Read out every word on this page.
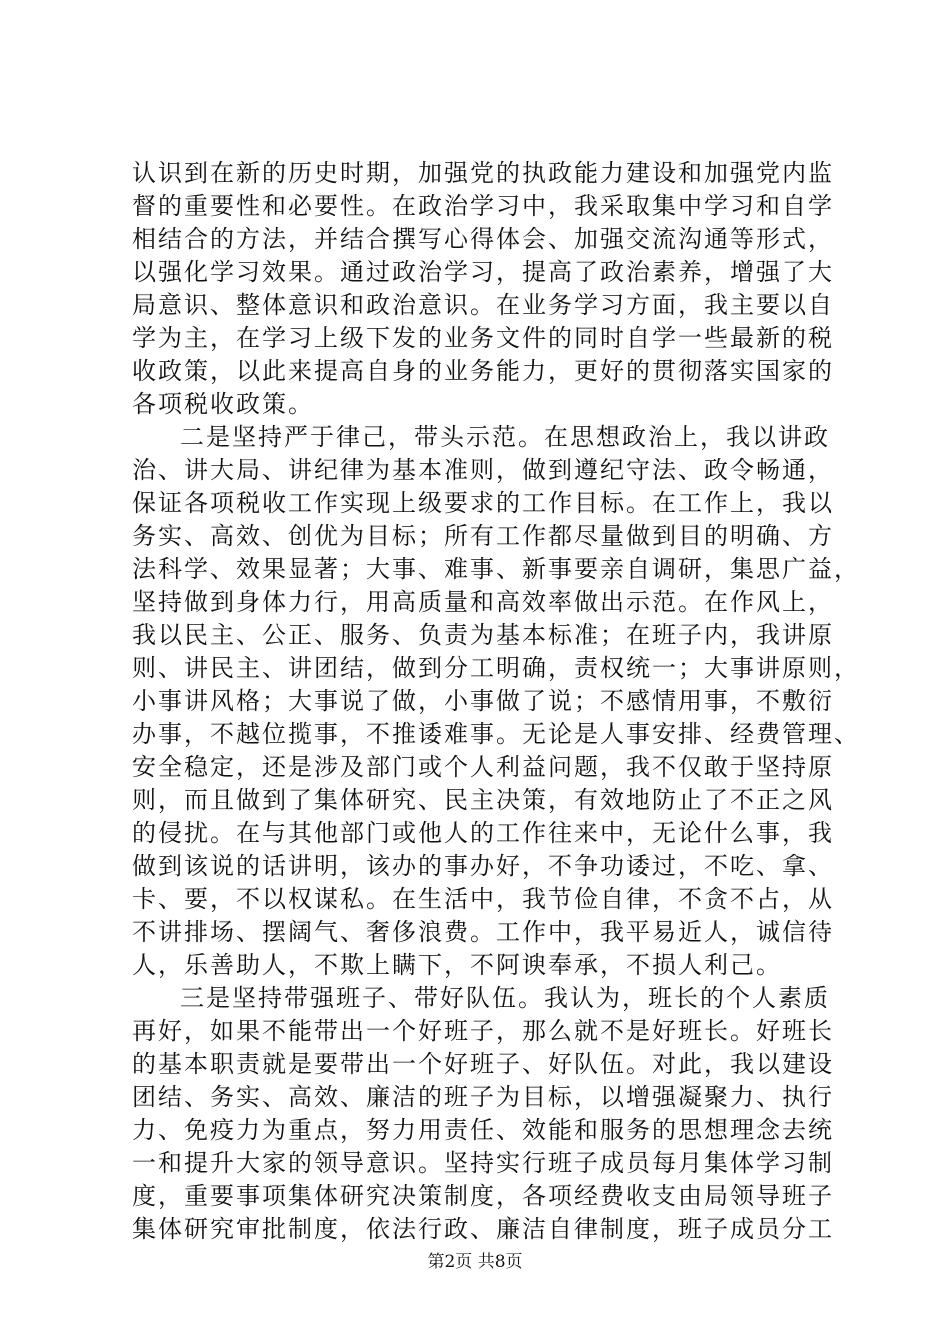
认识到在新的历史时期，加强党的执政能力建设和加强党内监
督的重要性和必要性。在政治学习中，我采取集中学习和自学
相结合的方法，并结合撰写心得体会、加强交流沟通等形式，
以强化学习效果。通过政治学习，提高了政治素养，增强了大
局意识、整体意识和政治意识。在业务学习方面，我主要以自
学为主，在学习上级下发的业务文件的同时自学一些最新的税
收政策，以此来提高自身的业务能力，更好的贯彻落实国家的
各项税收政策。
二是坚持严于律己，带头示范。在思想政治上，我以讲政
治、讲大局、讲纪律为基本准则，做到遵纪守法、政令畅通，
保证各项税收工作实现上级要求的工作目标。在工作上，我以
务实、高效、创优为目标；所有工作都尽量做到目的明确、方
法科学、效果显著；大事、难事、新事要亲自调研，集思广益，
坚持做到身体力行，用高质量和高效率做出示范。在作风上，
我以民主、公正、服务、负责为基本标准；在班子内，我讲原
则、讲民主、讲团结，做到分工明确，责权统一；大事讲原则，
小事讲风格；大事说了做，小事做了说；不感情用事，不敷衍
办事，不越位揽事，不推诿难事。无论是人事安排、经费管理、
安全稳定，还是涉及部门或个人利益问题，我不仅敢于坚持原
则，而且做到了集体研究、民主决策，有效地防止了不正之风
的侵扰。在与其他部门或他人的工作往来中，无论什么事，我
做到该说的话讲明，该办的事办好，不争功诿过，不吃、拿、
卡、要，不以权谋私。在生活中，我节俭自律，不贪不占，从
不讲排场、摆阔气、奢侈浪费。工作中，我平易近人，诚信待
人，乐善助人，不欺上瞒下，不阿谀奉承，不损人利己。
三是坚持带强班子、带好队伍。我认为，班长的个人素质
再好，如果不能带出一个好班子，那么就不是好班长。好班长
的基本职责就是要带出一个好班子、好队伍。对此，我以建设
团结、务实、高效、廉洁的班子为目标，以增强凝聚力、执行
力、免疫力为重点，努力用责任、效能和服务的思想理念去统
一和提升大家的领导意识。坚持实行班子成员每月集体学习制
度，重要事项集体研究决策制度，各项经费收支由局领导班子
集体研究审批制度，依法行政、廉洁自律制度，班子成员分工
第2页 共8页
